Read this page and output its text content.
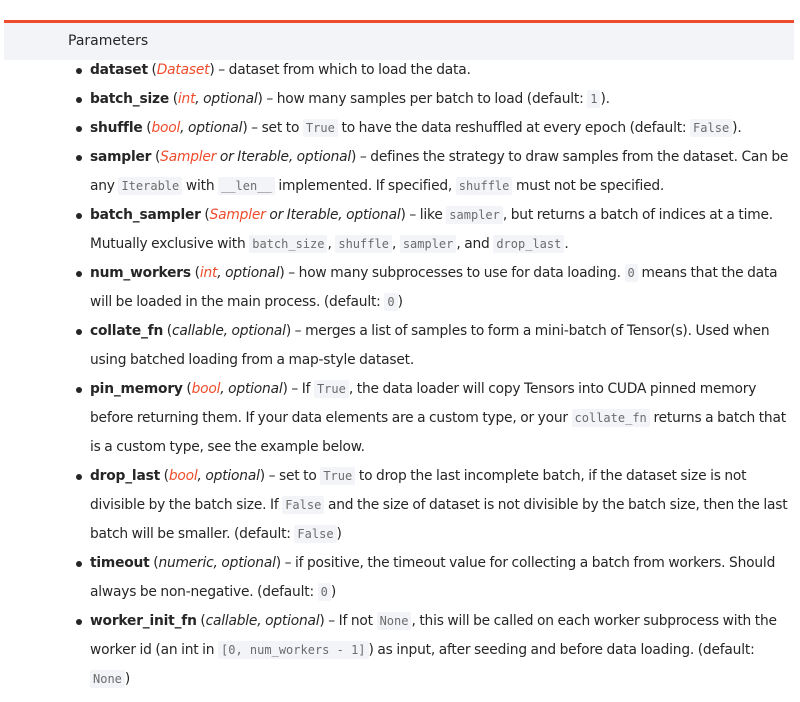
Parameters
dataset (Dataset) – dataset from which to load the data.
batch_size (int, optional) – how many samples per batch to load (default: 1 ).
shuffle (bool, optional) – set to True to have the data reshuffled at every epoch (default: False ).
sampler (Sampler or Iterable, optional) – defines the strategy to draw samples from the dataset. Can be any Iterable with __len__ implemented. If specified, shuffle must not be specified.
batch_sampler (Sampler or Iterable, optional) – like sampler , but returns a batch of indices at a time. Mutually exclusive with batch_size , shuffle , sampler , and drop_last .
num_workers (int, optional) – how many subprocesses to use for data loading. 0 means that the data will be loaded in the main process. (default: 0 )
collate_fn (callable, optional) – merges a list of samples to form a mini-batch of Tensor(s). Used when using batched loading from a map-style dataset.
pin_memory (bool, optional) – If True , the data loader will copy Tensors into CUDA pinned memory before returning them. If your data elements are a custom type, or your collate_fn returns a batch that is a custom type, see the example below.
drop_last (bool, optional) – set to True to drop the last incomplete batch, if the dataset size is not divisible by the batch size. If False and the size of dataset is not divisible by the batch size, then the last batch will be smaller. (default: False )
timeout (numeric, optional) – if positive, the timeout value for collecting a batch from workers. Should always be non-negative. (default: 0 )
worker_init_fn (callable, optional) – If not None , this will be called on each worker subprocess with the worker id (an int in [0, num_workers - 1] ) as input, after seeding and before data loading. (default: None )
